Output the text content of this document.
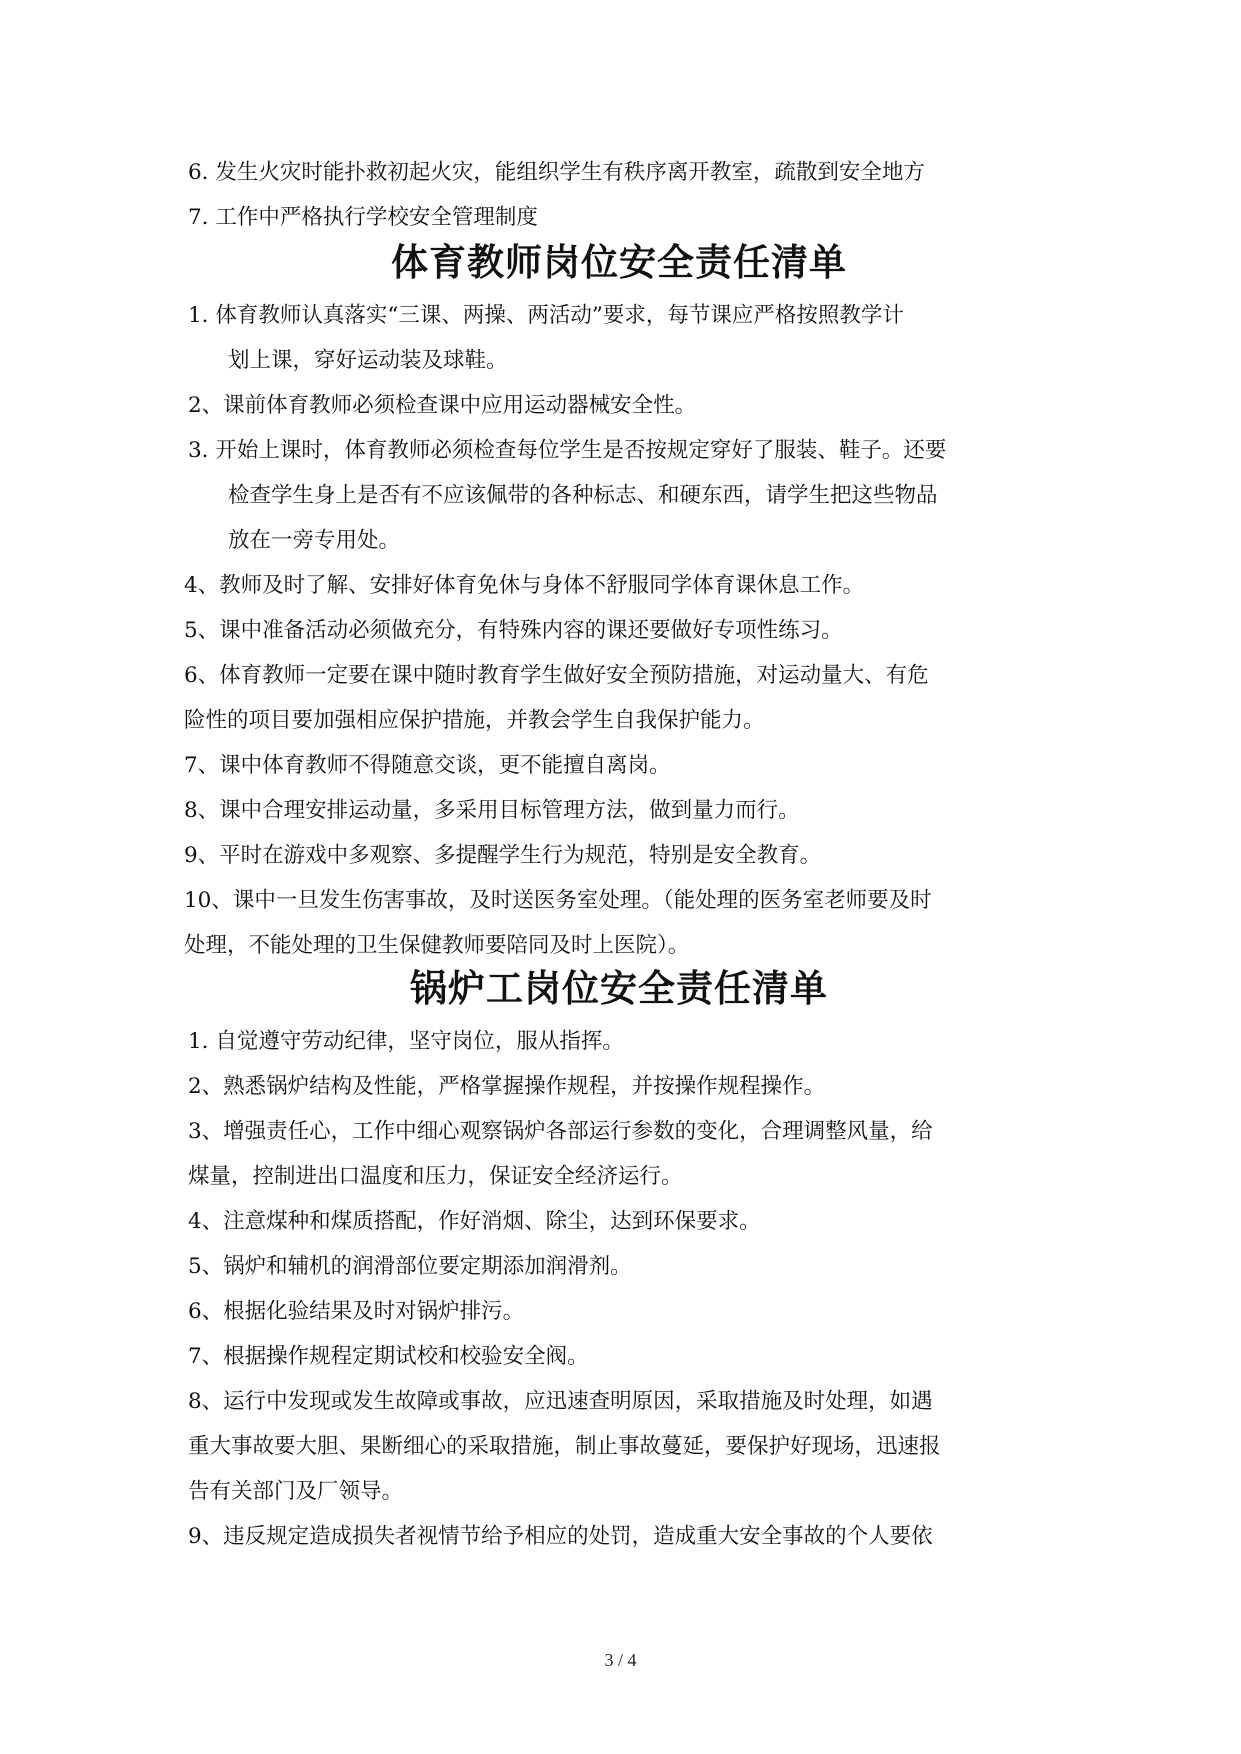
6. 发生火灾时能扑救初起火灾，能组织学生有秩序离开教室，疏散到安全地方
7. 工作中严格执行学校安全管理制度
体育教师岗位安全责任清单
1. 体育教师认真落实“三课、两操、两活动”要求，每节课应严格按照教学计
划上课，穿好运动装及球鞋。
2、课前体育教师必须检查课中应用运动器械安全性。
3. 开始上课时，体育教师必须检查每位学生是否按规定穿好了服装、鞋子。还要
检查学生身上是否有不应该佩带的各种标志、和硬东西，请学生把这些物品
放在一旁专用处。
4、教师及时了解、安排好体育免休与身体不舒服同学体育课休息工作。
5、课中准备活动必须做充分，有特殊内容的课还要做好专项性练习。
6、体育教师一定要在课中随时教育学生做好安全预防措施，对运动量大、有危
险性的项目要加强相应保护措施，并教会学生自我保护能力。
7、课中体育教师不得随意交谈，更不能擅自离岗。
8、课中合理安排运动量，多采用目标管理方法，做到量力而行。
9、平时在游戏中多观察、多提醒学生行为规范，特别是安全教育。
10、课中一旦发生伤害事故，及时送医务室处理。（能处理的医务室老师要及时
处理，不能处理的卫生保健教师要陪同及时上医院）。
锅炉工岗位安全责任清单
1. 自觉遵守劳动纪律，坚守岗位，服从指挥。
2、熟悉锅炉结构及性能，严格掌握操作规程，并按操作规程操作。
3、增强责任心，工作中细心观察锅炉各部运行参数的变化，合理调整风量，给
煤量，控制进出口温度和压力，保证安全经济运行。
4、注意煤种和煤质搭配，作好消烟、除尘，达到环保要求。
5、锅炉和辅机的润滑部位要定期添加润滑剂。
6、根据化验结果及时对锅炉排污。
7、根据操作规程定期试校和校验安全阀。
8、运行中发现或发生故障或事故，应迅速查明原因，采取措施及时处理，如遇
重大事故要大胆、果断细心的采取措施，制止事故蔓延，要保护好现场，迅速报
告有关部门及厂领导。
9、违反规定造成损失者视情节给予相应的处罚，造成重大安全事故的个人要依
3 / 4
